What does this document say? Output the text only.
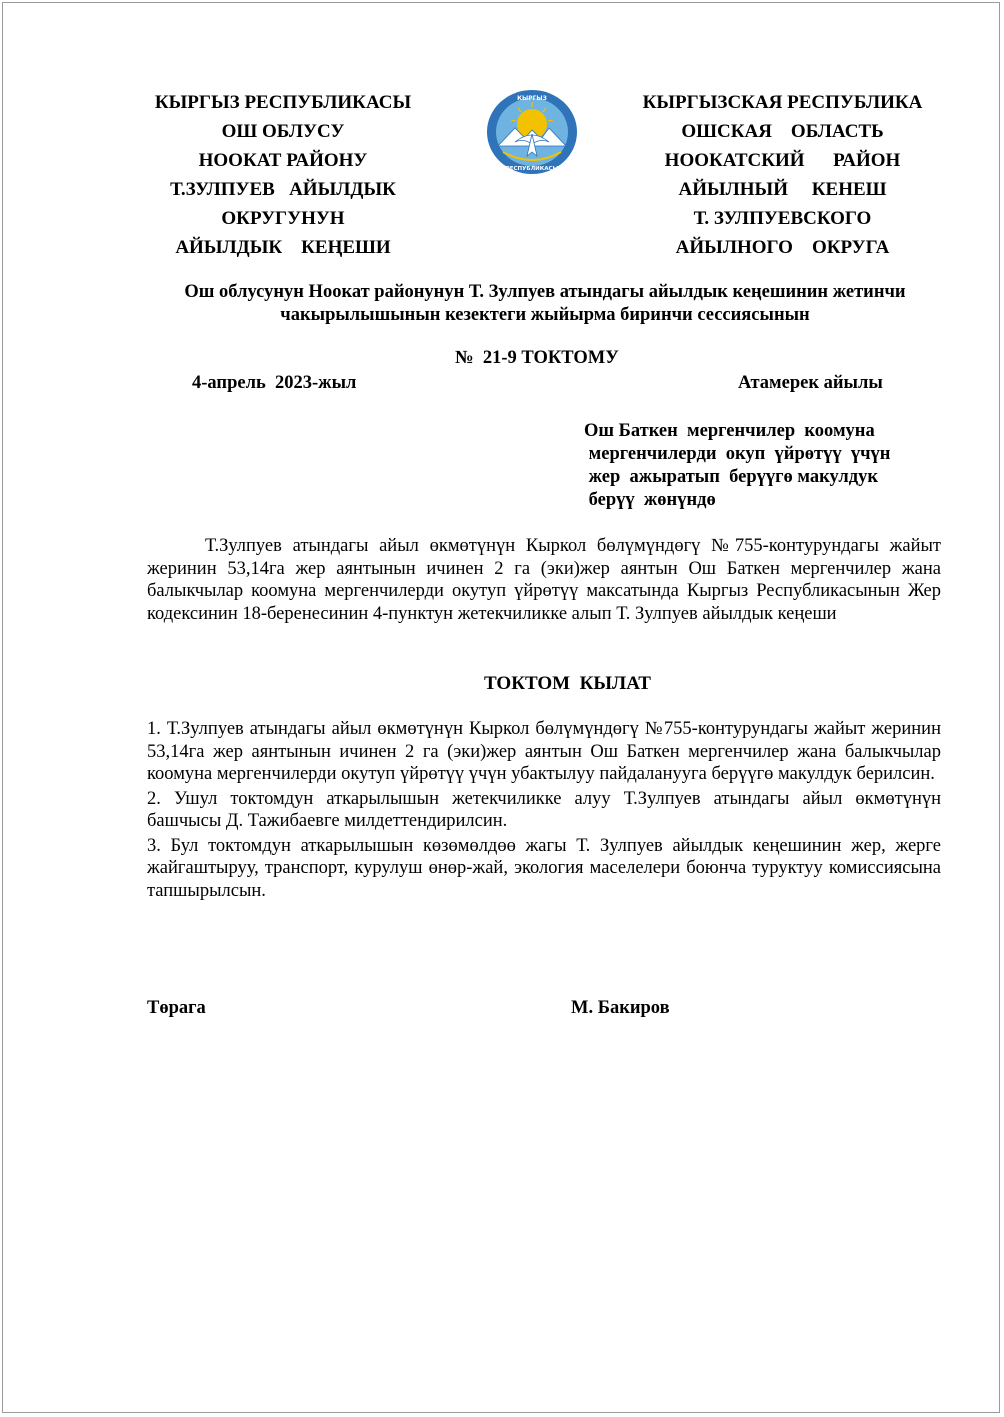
КЫРГЫЗ РЕСПУБЛИКАСЫ
ОШ ОБЛУСУ
НООКАТ РАЙОНУ
Т.ЗУЛПУЕВ   АЙЫЛДЫК
ОКРУГУНУН
АЙЫЛДЫК    КЕҢЕШИ
КЫРГЫЗ
РЕСПУБЛИКАСЫ
КЫРГЫЗСКАЯ РЕСПУБЛИКА
ОШСКАЯ    ОБЛАСТЬ
НООКАТСКИЙ      РАЙОН
АЙЫЛНЫЙ     КЕНЕШ
Т. ЗУЛПУЕВСКОГО
АЙЫЛНОГО    ОКРУГА
Ош облусунун Ноокат районунун Т. Зулпуев атындагы айылдык кеңешинин жетинчи чакырылышынын кезектеги жыйырма биринчи сессиясынын
№  21-9 ТОКТОМУ
4-апрель  2023-жыл	Атамерек айылы
Ош Баткен  мергенчилер  коомуна
мергенчилерди  окуп  үйрөтүү  үчүн
жер  ажыратып  берүүгө макулдук
берүү  жөнүндө
Т.Зулпуев атындагы айыл өкмөтүнүн Кыркол бөлүмүндөгү №755-контурундагы жайыт жеринин 53,14га жер аянтынын ичинен 2 га (эки)жер аянтын Ош Баткен мергенчилер жана балыкчылар коомуна мергенчилерди окутуп үйрөтүү максатында Кыргыз Республикасынын Жер кодексинин 18-беренесинин 4-пунктун жетекчиликке алып Т. Зулпуев айылдык кеңеши
ТОКТОМ  КЫЛАТ

1. Т.Зулпуев атындагы айыл өкмөтүнүн Кыркол бөлүмүндөгү №755-контурундагы жайыт жеринин 53,14га жер аянтынын ичинен 2 га (эки)жер аянтын Ош Баткен мергенчилер жана балыкчылар коомуна мергенчилерди окутуп үйрөтүү үчүн убактылуу пайдаланууга берүүгө макулдук берилсин.

2. Ушул токтомдун аткарылышын жетекчиликке алуу Т.Зулпуев атындагы айыл өкмөтүнүн башчысы Д. Тажибаевге милдеттендирилсин.

3. Бул токтомдун аткарылышын көзөмөлдөө жагы Т. Зулпуев айылдык кеңешинин жер, жерге жайгаштыруу, транспорт, курулуш өнөр-жай, экология маселелери боюнча туруктуу комиссиясына тапшырылсын.

Төрага	М. Бакиров
